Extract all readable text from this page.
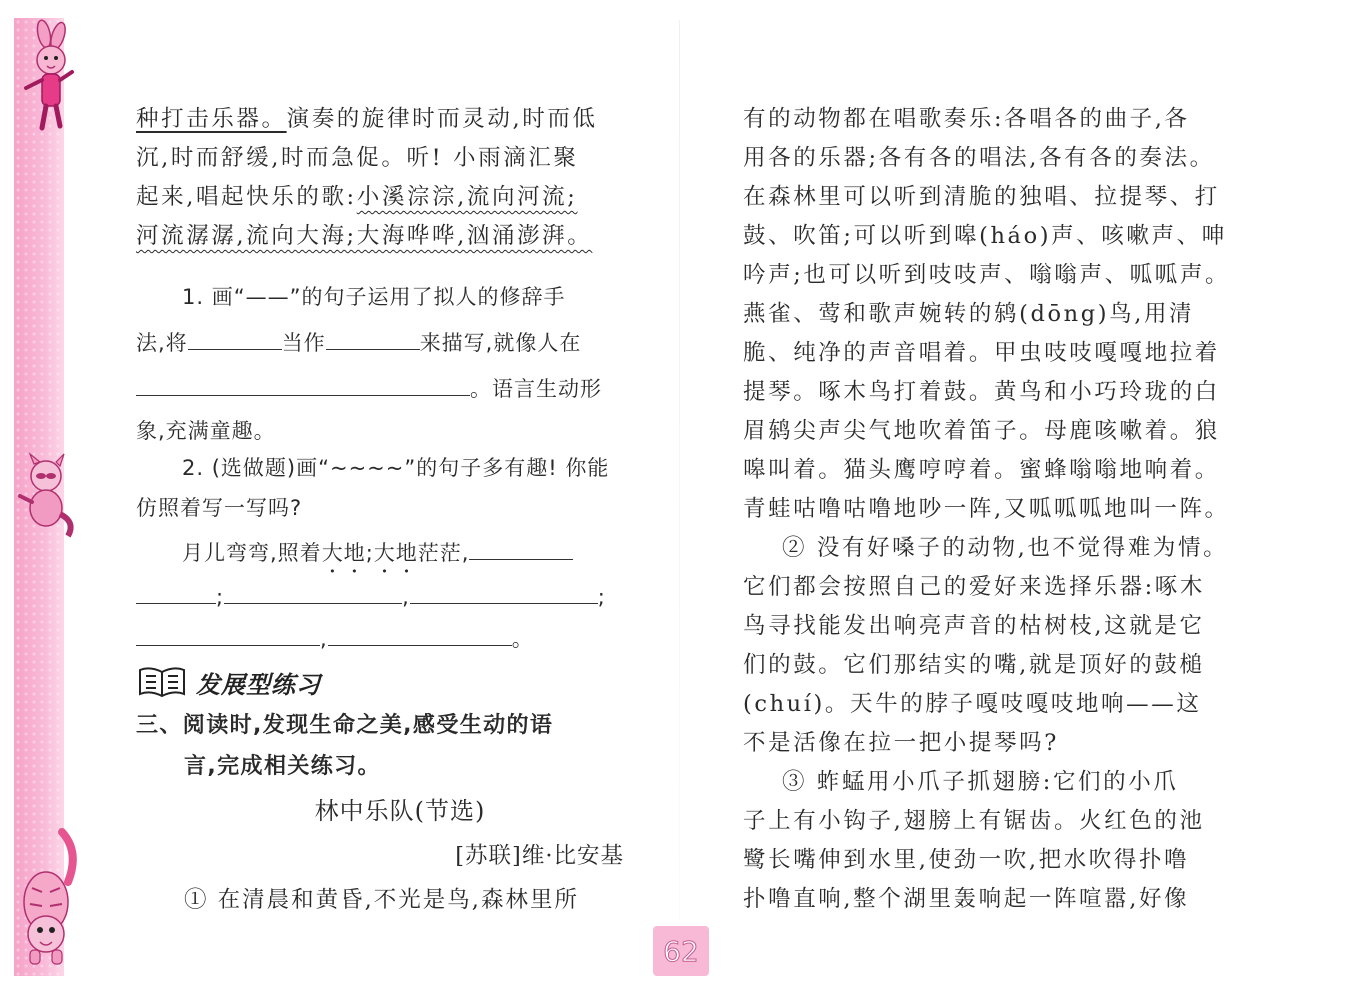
种打击乐器。演奏的旋律时而灵动,时而低
沉,时而舒缓,时而急促。听! 小雨滴汇聚
起来,唱起快乐的歌:小溪淙淙,流向河流;
河流潺潺,流向大海;大海哗哗,汹涌澎湃。
1. 画“——”的句子运用了拟人的修辞手
法,将	当作	来描写,就像人在
。语言生动形
象,充满童趣。
2. (选做题)画“~~~~”的句子多有趣! 你能
仿照着写一写吗?
月儿弯弯,照着大地;大地茫茫,
;	,	;
,	。
发展型练习
三、阅读时,发现生命之美,感受生动的语
言,完成相关练习。
林中乐队(节选)
[苏联]维·比安基
① 在清晨和黄昏,不光是鸟,森林里所
有的动物都在唱歌奏乐:各唱各的曲子,各
用各的乐器;各有各的唱法,各有各的奏法。
在森林里可以听到清脆的独唱、拉提琴、打
鼓、吹笛;可以听到嗥(háo)声、咳嗽声、呻
吟声;也可以听到吱吱声、嗡嗡声、呱呱声。
燕雀、莺和歌声婉转的鸫(dōng)鸟,用清
脆、纯净的声音唱着。甲虫吱吱嘎嘎地拉着
提琴。啄木鸟打着鼓。黄鸟和小巧玲珑的白
眉鸫尖声尖气地吹着笛子。母鹿咳嗽着。狼
嗥叫着。猫头鹰哼哼着。蜜蜂嗡嗡地响着。
青蛙咕噜咕噜地吵一阵,又呱呱呱地叫一阵。
② 没有好嗓子的动物,也不觉得难为情。
它们都会按照自己的爱好来选择乐器:啄木
鸟寻找能发出响亮声音的枯树枝,这就是它
们的鼓。它们那结实的嘴,就是顶好的鼓槌
(chuí)。天牛的脖子嘎吱嘎吱地响——这
不是活像在拉一把小提琴吗?
③ 蚱蜢用小爪子抓翅膀:它们的小爪
子上有小钩子,翅膀上有锯齿。火红色的池
鹭长嘴伸到水里,使劲一吹,把水吹得扑噜
扑噜直响,整个湖里轰响起一阵喧嚣,好像
62
